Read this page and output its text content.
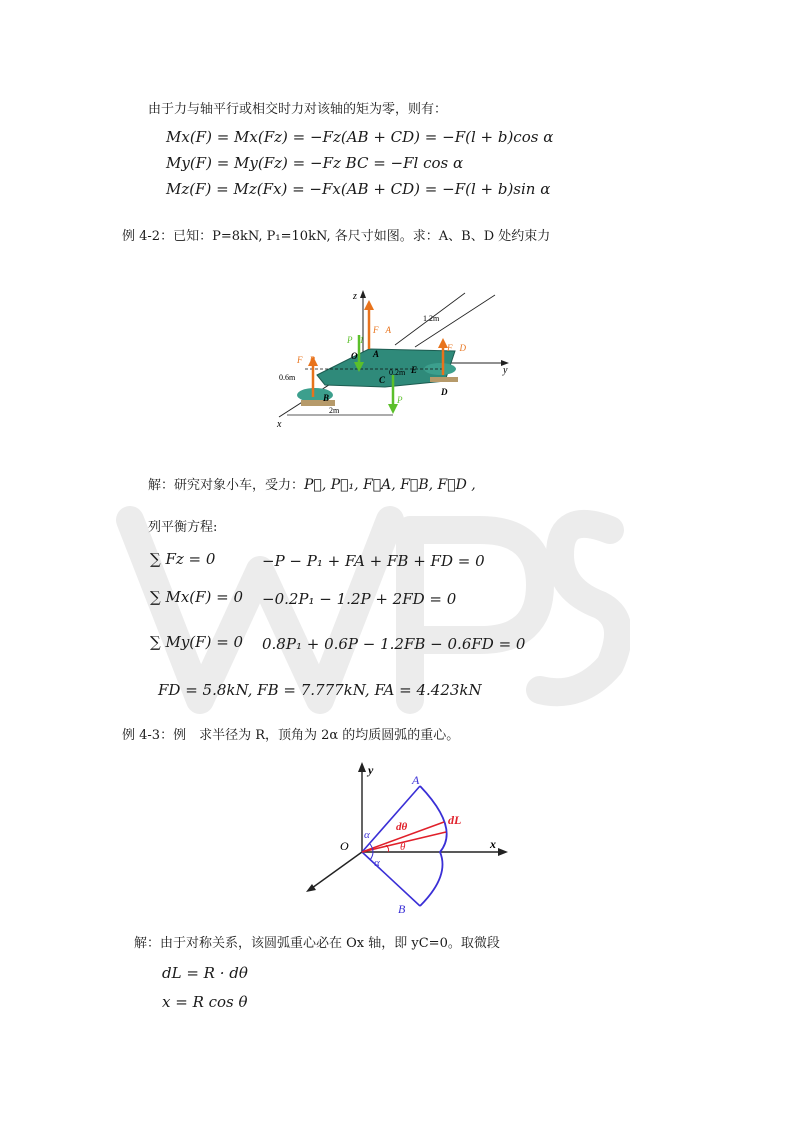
由于力与轴平行或相交时力对该轴的矩为零，则有：
Mx(F) = Mx(Fz) = −Fz(AB + CD) = −F(l + b)cos α
My(F) = My(Fz) = −Fz BC = −Fl cos α
Mz(F) = Mz(Fx) = −Fx(AB + CD) = −F(l + b)sin α
例 4-2：已知：P=8kN, P₁=10kN, 各尺寸如图。求：A、B、D 处约束力
z
y
x
1.2m
F⃗A
F⃗B
F⃗D
P⃗1
P⃗
O A
B
C
D
E
0.6m
0.2m
2m
解：研究对象小车，受力：P⃗, P⃗₁, F⃗A, F⃗B, F⃗D ,
列平衡方程:
∑ Fz = 0	−P − P₁ + FA + FB + FD = 0
∑ Mx(F) = 0 −0.2P₁ − 1.2P + 2FD = 0
∑ My(F) = 0 0.8P₁ + 0.6P − 1.2FB − 0.6FD = 0
FD = 5.8kN, FB = 7.777kN, FA = 4.423kN
例 4-3：例　求半径为 R，顶角为 2α 的均质圆弧的重心。
y
x
O
A
B
dL
dθ
θ
α
α
解：由于对称关系，该圆弧重心必在 Ox 轴，即 yC=0。取微段
dL = R · dθ
x = R cos θ
